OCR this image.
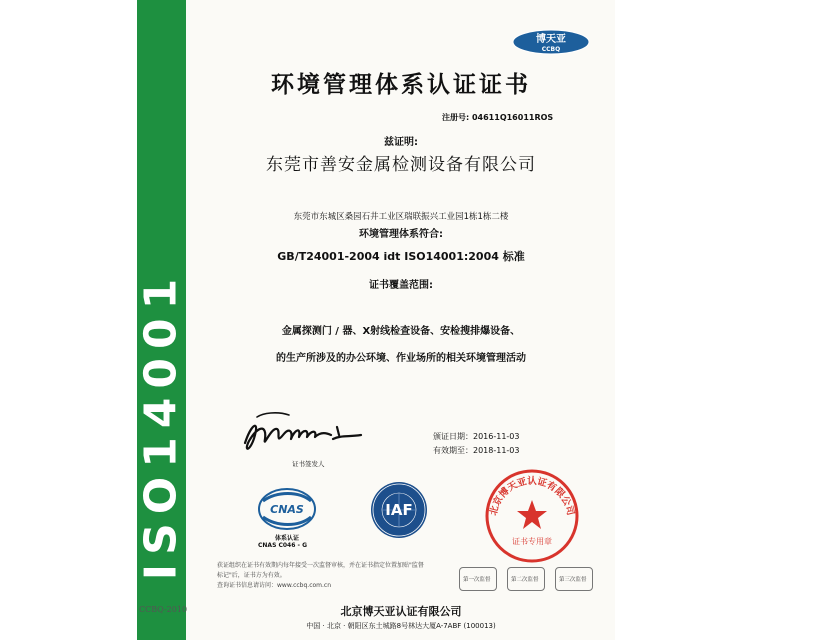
ISO14001
CCBQ-2010
博天亚
CCBQ
环境管理体系认证证书
注册号: 04611Q16011ROS
兹证明:
东莞市善安金属检测设备有限公司
东莞市东城区桑园石井工业区瑞联振兴工业园1栋1栋二楼
环境管理体系符合:
GB/T24001-2004 idt ISO14001:2004 标准
证书覆盖范围:
金属探测门 / 器、X射线检查设备、安检搜排爆设备、
的生产所涉及的办公环境、作业场所的相关环境管理活动
证书签发人
颁证日期：2016-11-03
有效期至：2018-11-03
CNAS
体系认证
CNAS C046 - G
IAF	北京博天亚认证有限公司
证书专用章
获证组织在证书有效期内每年接受一次监督审核，并在证书指定位置加贴"监督
标记"后，证书方为有效。
查询证书信息请访问：www.ccbq.com.cn
第一次监督	第二次监督	第三次监督
北京博天亚认证有限公司
中国 · 北京 · 朝阳区东土城路8号林达大厦A-7ABF (100013)
